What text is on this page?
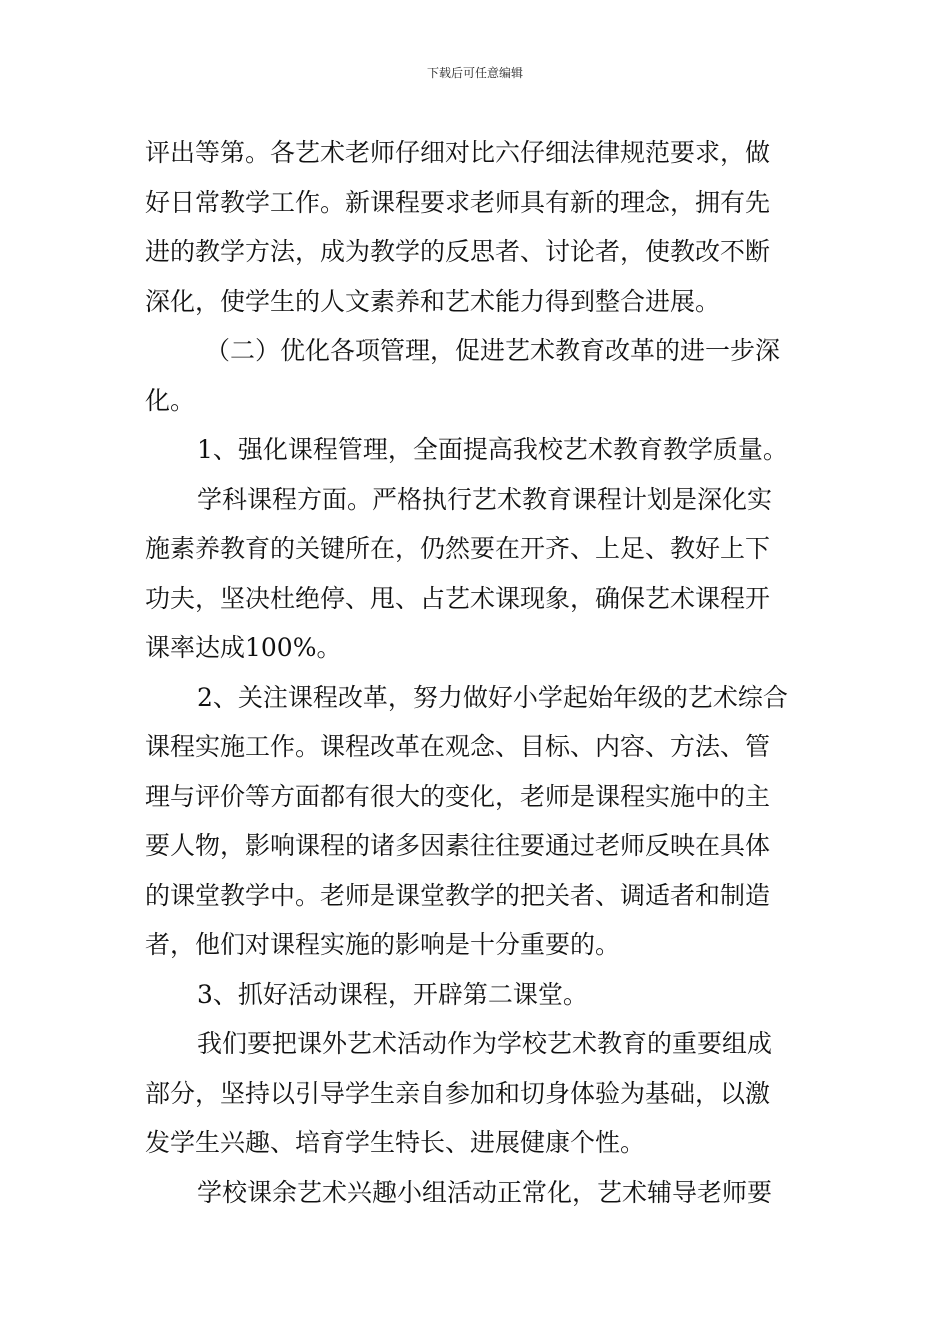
下载后可任意编辑
评出等第。各艺术老师仔细对比六仔细法律规范要求，做
好日常教学工作。新课程要求老师具有新的理念，拥有先
进的教学方法，成为教学的反思者、讨论者，使教改不断
深化，使学生的人文素养和艺术能力得到整合进展。
（二）优化各项管理，促进艺术教育改革的进一步深
化。
1、强化课程管理，全面提高我校艺术教育教学质量。
学科课程方面。严格执行艺术教育课程计划是深化实
施素养教育的关键所在，仍然要在开齐、上足、教好上下
功夫，坚决杜绝停、甩、占艺术课现象，确保艺术课程开
课率达成100%。
2、关注课程改革，努力做好小学起始年级的艺术综合
课程实施工作。课程改革在观念、目标、内容、方法、管
理与评价等方面都有很大的变化，老师是课程实施中的主
要人物，影响课程的诸多因素往往要通过老师反映在具体
的课堂教学中。老师是课堂教学的把关者、调适者和制造
者，他们对课程实施的影响是十分重要的。
3、抓好活动课程，开辟第二课堂。
我们要把课外艺术活动作为学校艺术教育的重要组成
部分，坚持以引导学生亲自参加和切身体验为基础，以激
发学生兴趣、培育学生特长、进展健康个性。
学校课余艺术兴趣小组活动正常化，艺术辅导老师要
